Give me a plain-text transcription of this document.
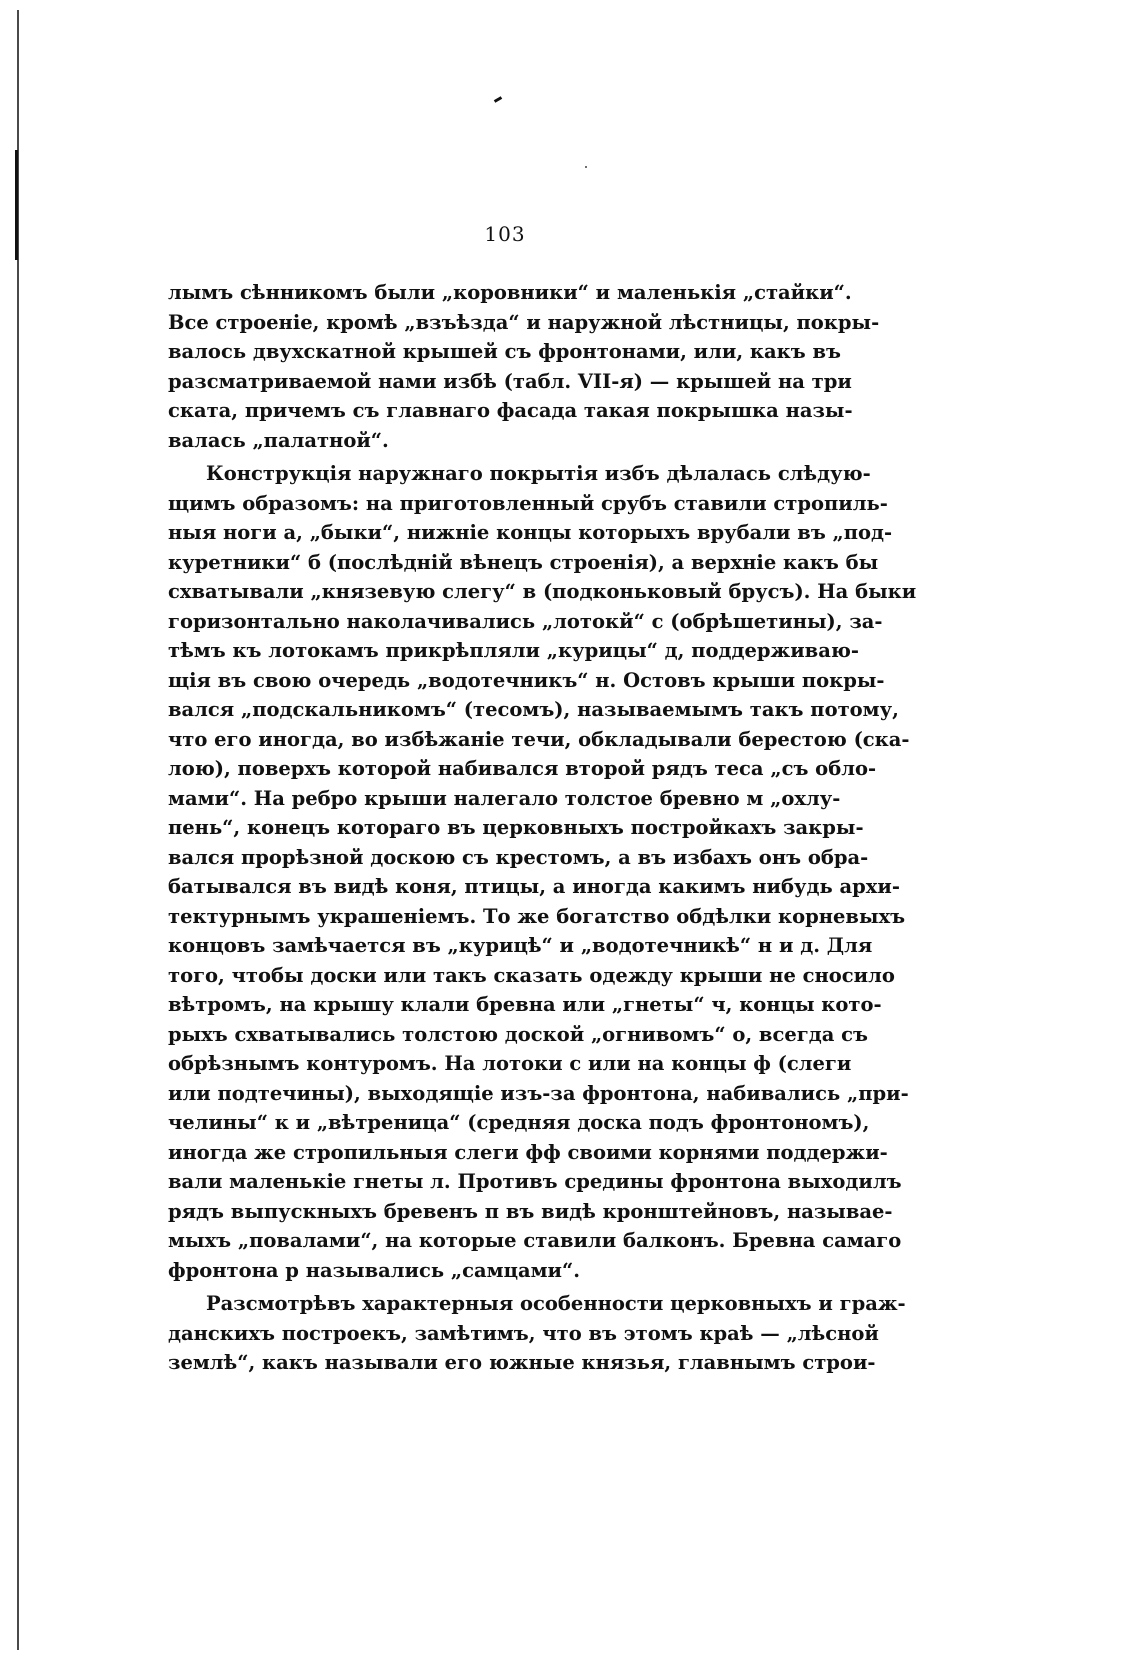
103
лымъ сѣнникомъ были „коровники“ и маленькія „стайки“.
Все строеніе, кромѣ „взъѣзда“ и наружной лѣстницы, покры-
валось двухскатной крышей съ фронтонами, или, какъ въ
разсматриваемой нами избѣ (табл. VII-я) — крышей на три
ската, причемъ съ главнаго фасада такая покрышка назы-
валась „палатной“.
Конструкція наружнаго покрытія избъ дѣлалась слѣдую-
щимъ образомъ: на приготовленный срубъ ставили стропиль-
ныя ноги а, „быки“, нижніе концы которыхъ врубали въ „под-
куретники“ б (послѣдній вѣнецъ строенія), а верхніе какъ бы
схватывали „князевую слегу“ в (подконьковый брусъ). На быки
горизонтально наколачивались „лотокй“ с (обрѣшетины), за-
тѣмъ къ лотокамъ прикрѣпляли „курицы“ д, поддерживаю-
щія въ свою очередь „водотечникъ“ н. Остовъ крыши покры-
вался „подскальникомъ“ (тесомъ), называемымъ такъ потому,
что его иногда, во избѣжаніе течи, обкладывали берестою (ска-
лою), поверхъ которой набивался второй рядъ теса „съ обло-
мами“. На ребро крыши налегало толстое бревно м „охлу-
пень“, конецъ котораго въ церковныхъ постройкахъ закры-
вался прорѣзной доскою съ крестомъ, а въ избахъ онъ обра-
батывался въ видѣ коня, птицы, а иногда какимъ нибудь архи-
тектурнымъ украшеніемъ. То же богатство обдѣлки корневыхъ
концовъ замѣчается въ „курицѣ“ и „водотечникѣ“ н и д. Для
того, чтобы доски или такъ сказать одежду крыши не сносило
вѣтромъ, на крышу клали бревна или „гнеты“ ч, концы кото-
рыхъ схватывались толстою доской „огнивомъ“ о, всегда съ
обрѣзнымъ контуромъ. На лотоки с или на концы ф (слеги
или подтечины), выходящіе изъ-за фронтона, набивались „при-
челины“ к и „вѣтреница“ (средняя доска подъ фронтономъ),
иногда же стропильныя слеги фф своими корнями поддержи-
вали маленькіе гнеты л. Противъ средины фронтона выходилъ
рядъ выпускныхъ бревенъ п въ видѣ кронштейновъ, называе-
мыхъ „повалами“, на которые ставили балконъ. Бревна самаго
фронтона р назывались „самцами“.
Разсмотрѣвъ характерныя особенности церковныхъ и граж-
данскихъ построекъ, замѣтимъ, что въ этомъ краѣ — „лѣсной
землѣ“, какъ называли его южные князья, главнымъ строи-
